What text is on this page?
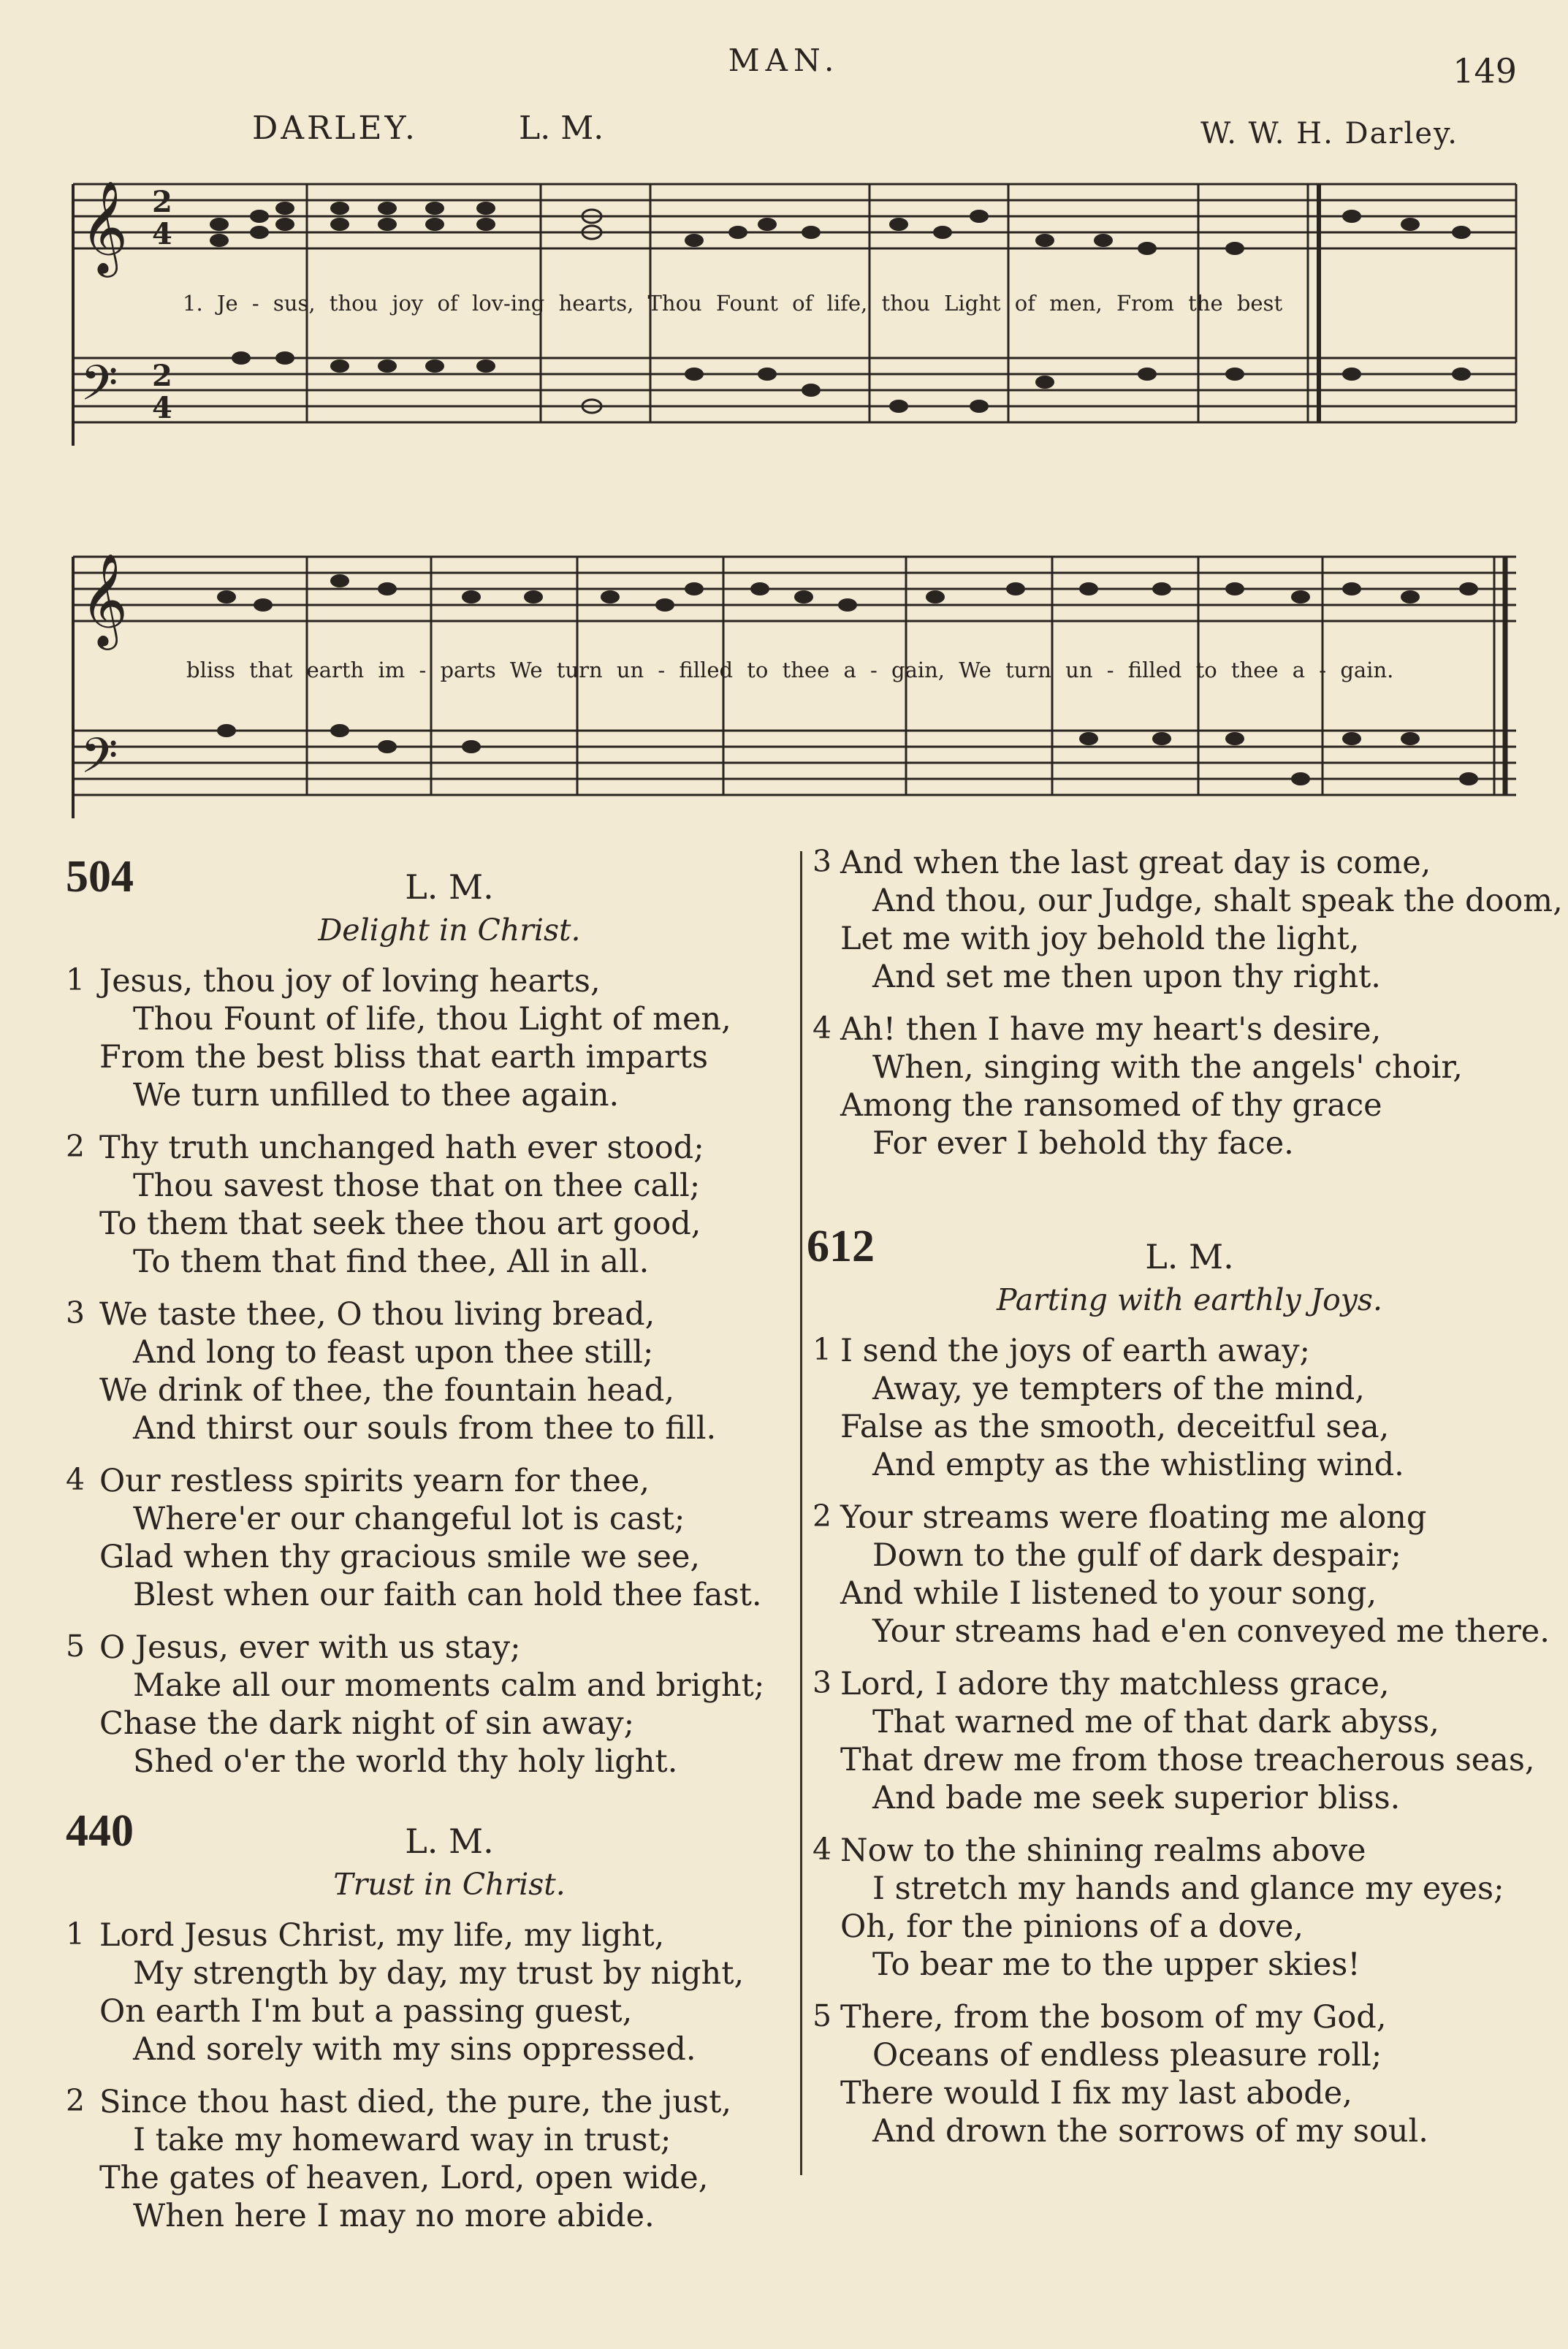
MAN.	149
DARLEY.	L. M.	W. W. H. Darley.
𝄞
𝄢
2
4
2
4
1. Je - sus, thou joy of lov-ing hearts, Thou Fount of life, thou Light of men, From the best
𝄞
𝄢
bliss that earth im - parts We turn un - filled to thee a - gain, We turn un - filled to thee a - gain.
504	L. M.
Delight in Christ.
1 Jesus, thou joy of loving hearts,
Thou Fount of life, thou Light of men,
From the best bliss that earth imparts
We turn unfilled to thee again.
2 Thy truth unchanged hath ever stood;
Thou savest those that on thee call;
To them that seek thee thou art good,
To them that find thee, All in all.
3 We taste thee, O thou living bread,
And long to feast upon thee still;
We drink of thee, the fountain head,
And thirst our souls from thee to fill.
4 Our restless spirits yearn for thee,
Where'er our changeful lot is cast;
Glad when thy gracious smile we see,
Blest when our faith can hold thee fast.
5 O Jesus, ever with us stay;
Make all our moments calm and bright;
Chase the dark night of sin away;
Shed o'er the world thy holy light.
440	L. M.
Trust in Christ.
1 Lord Jesus Christ, my life, my light,
My strength by day, my trust by night,
On earth I'm but a passing guest,
And sorely with my sins oppressed.
2 Since thou hast died, the pure, the just,
I take my homeward way in trust;
The gates of heaven, Lord, open wide,
When here I may no more abide.
3 And when the last great day is come,
And thou, our Judge, shalt speak the doom,
Let me with joy behold the light,
And set me then upon thy right.
4 Ah! then I have my heart's desire,
When, singing with the angels' choir,
Among the ransomed of thy grace
For ever I behold thy face.
612	L. M.
Parting with earthly Joys.
1 I send the joys of earth away;
Away, ye tempters of the mind,
False as the smooth, deceitful sea,
And empty as the whistling wind.
2 Your streams were floating me along
Down to the gulf of dark despair;
And while I listened to your song,
Your streams had e'en conveyed me there.
3 Lord, I adore thy matchless grace,
That warned me of that dark abyss,
That drew me from those treacherous seas,
And bade me seek superior bliss.
4 Now to the shining realms above
I stretch my hands and glance my eyes;
Oh, for the pinions of a dove,
To bear me to the upper skies!
5 There, from the bosom of my God,
Oceans of endless pleasure roll;
There would I fix my last abode,
And drown the sorrows of my soul.
